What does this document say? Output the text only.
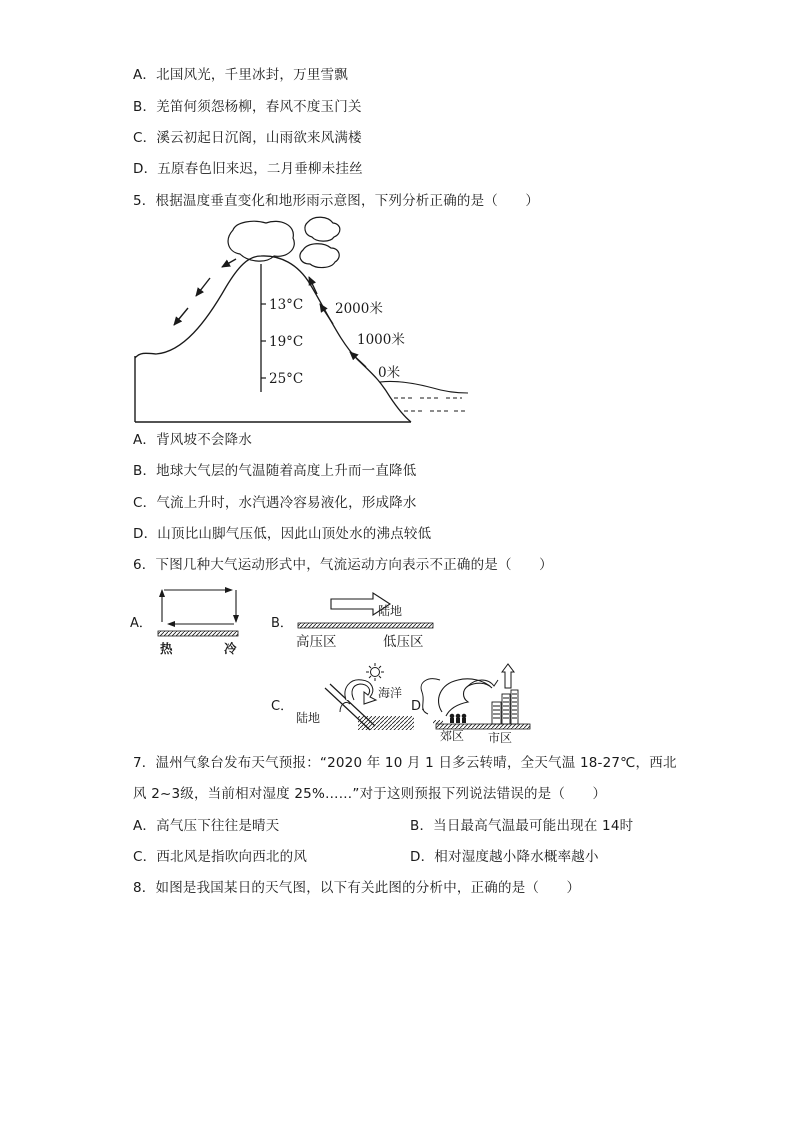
A．北国风光，千里冰封，万里雪飘
B．羌笛何须怨杨柳，春风不度玉门关
C．溪云初起日沉阁，山雨欲来风满楼
D．五原春色旧来迟，二月垂柳未挂丝
5．根据温度垂直变化和地形雨示意图，下列分析正确的是（　　）
13°C
19°C
25°C
2000米
1000米
0米
A．背风坡不会降水
B．地球大气层的气温随着高度上升而一直降低
C．气流上升时，水汽遇冷容易液化，形成降水
D．山顶比山脚气压低，因此山顶处水的沸点较低
6．下图几种大气运动形式中，气流运动方向表示不正确的是（　　）
A．
热	冷
B．
陆地
高压区	低压区
C．
海洋
陆地
D．
郊区 市区
7．温州气象台发布天气预报：“2020 年 10 月 1 日多云转晴，全天气温 18-27℃，西北
风 2~3级，当前相对湿度 25%……”对于这则预报下列说法错误的是（　　）
A．高气压下往往是晴天	B．当日最高气温最可能出现在 14时
C．西北风是指吹向西北的风	D．相对湿度越小降水概率越小
8．如图是我国某日的天气图，以下有关此图的分析中，正确的是（　　）
